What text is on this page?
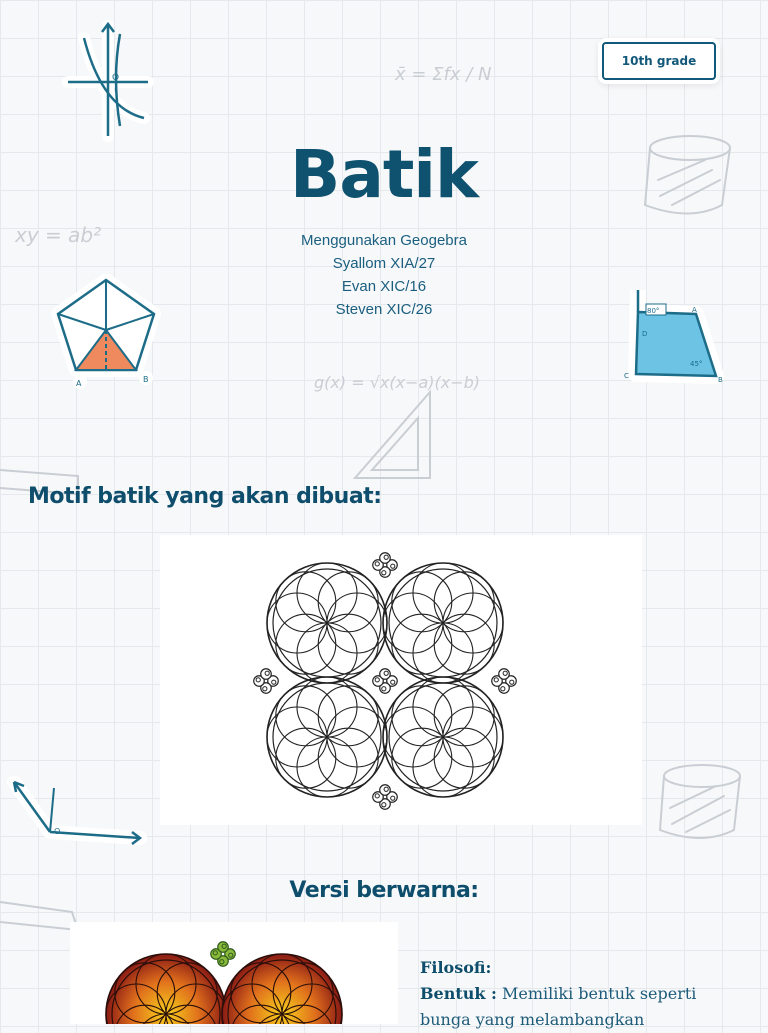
x̄ = Σfx / N
xy = ab²
g(x) = √x(x−a)(x−b)
O
A	B
80°
45°
D
A
C	B
O
10th grade
Batik
Menggunakan Geogebra
Syallom XIA/27
Evan XIC/16
Steven XIC/26
Motif batik yang akan dibuat:
Versi berwarna:
Filosofi:
Bentuk : Memiliki bentuk seperti bunga yang melambangkan
